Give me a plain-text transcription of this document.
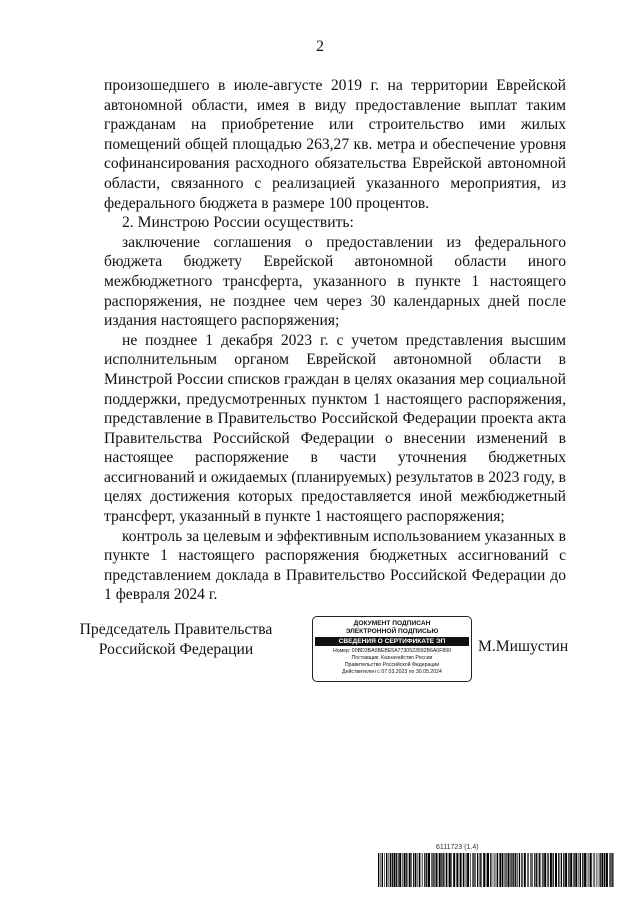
2

произошедшего в июле-августе 2019 г. на территории Еврейской автономной области, имея в виду предоставление выплат таким гражданам на приобретение или строительство ими жилых помещений общей площадью 263,27 кв. метра и обеспечение уровня софинансирования расходного обязательства Еврейской автономной области, связанного с реализацией указанного мероприятия, из федерального бюджета в размере 100 процентов.

2. Минстрою России осуществить:

заключение соглашения о предоставлении из федерального бюджета бюджету Еврейской автономной области иного межбюджетного трансферта, указанного в пункте 1 настоящего распоряжения, не позднее чем через 30 календарных дней после издания настоящего распоряжения;

не позднее 1 декабря 2023 г. с учетом представления высшим исполнительным органом Еврейской автономной области в Минстрой России списков граждан в целях оказания мер социальной поддержки, предусмотренных пунктом 1 настоящего распоряжения, представление в Правительство Российской Федерации проекта акта Правительства Российской Федерации о внесении изменений в настоящее распоряжение в части уточнения бюджетных ассигнований и ожидаемых (планируемых) результатов в 2023 году, в целях достижения которых предоставляется иной межбюджетный трансферт, указанный в пункте 1 настоящего распоряжения;

контроль за целевым и эффективным использованием указанных в пункте 1 настоящего распоряжения бюджетных ассигнований с представлением доклада в Правительство Российской Федерации до 1 февраля 2024 г.

Председатель Правительства
Российской Федерации
ДОКУМЕНТ ПОДПИСАН
ЭЛЕКТРОННОЙ ПОДПИСЬЮ
СВЕДЕНИЯ О СЕРТИФИКАТЕ ЭП
Номер: 00BD3BA0BEBE5A7730523592B6A0F890
Поставщик: Казначейство России
Правительство Российской Федерации
Действителен с 07.03.2023 по 30.05.2024
М.Мишустин
6111723 (1.4)
